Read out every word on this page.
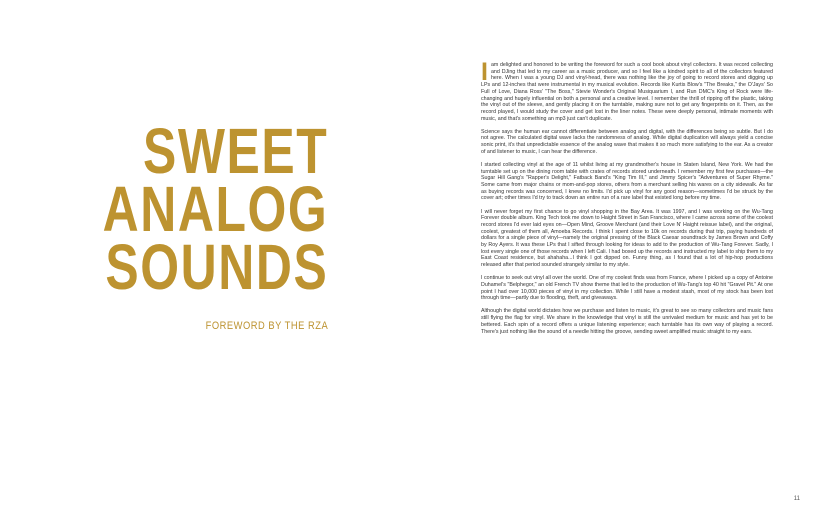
SWEET
ANALOG
SOUNDS
FOREWORD BY THE RZA

Iam delighted and honored to be writing the foreword for such a cool book about vinyl collectors. It was record collecting and DJing that led to my career as a music producer, and so I feel like a kindred spirit to all of the collectors featured here. When I was a young DJ and vinyl-head, there was nothing like the joy of going to record stores and digging up LPs and 12-inches that were instrumental in my musical evolution. Records like Kurtis Blow's "The Breaks," the O'Jays' So Full of Love, Diana Ross' "The Boss," Stevie Wonder's Original Musiquarium I, and Run DMC's King of Rock were life-changing and hugely influential on both a personal and a creative level. I remember the thrill of ripping off the plastic, taking the vinyl out of the sleeve, and gently placing it on the turntable, making sure not to get any fingerprints on it. Then, as the record played, I would study the cover and get lost in the liner notes. These were deeply personal, intimate moments with music, and that's something an mp3 just can't duplicate.

Science says the human ear cannot differentiate between analog and digital, with the differences being so subtle. But I do not agree. The calculated digital wave lacks the randomness of analog. While digital duplication will always yield a concise sonic print, it's that unpredictable essence of the analog wave that makes it so much more satisfying to the ear. As a creator of and listener to music, I can hear the difference.

I started collecting vinyl at the age of 11 whilst living at my grandmother's house in Staten Island, New York. We had the turntable set up on the dining room table with crates of records stored underneath. I remember my first few purchases—the Sugar Hill Gang's "Rapper's Delight," Fatback Band's "King Tim III," and Jimmy Spicer's "Adventures of Super Rhyme." Some came from major chains or mom-and-pop stores, others from a merchant selling his wares on a city sidewalk. As far as buying records was concerned, I knew no limits. I'd pick up vinyl for any good reason—sometimes I'd be struck by the cover art; other times I'd try to track down an entire run of a rare label that existed long before my time.

I will never forget my first chance to go vinyl shopping in the Bay Area. It was 1997, and I was working on the Wu-Tang Forever double album. King Tech took me down to Haight Street in San Francisco, where I came across some of the coolest record stores I'd ever laid eyes on—Open Mind, Groove Merchant (and their Love N' Haight reissue label), and the original, coolest, greatest of them all, Amoeba Records. I think I spent close to 10k on records during that trip, paying hundreds of dollars for a single piece of vinyl—namely the original pressing of the Black Caesar soundtrack by James Brown and Coffy by Roy Ayers. It was these LPs that I sifted through looking for ideas to add to the production of Wu-Tang Forever. Sadly, I lost every single one of those records when I left Cali. I had boxed up the records and instructed my label to ship them to my East Coast residence, but ahahaha...I think I got dipped on. Funny thing, as I found that a lot of hip-hop productions released after that period sounded strangely similar to my style.

I continue to seek out vinyl all over the world. One of my coolest finds was from France, where I picked up a copy of Antoine Duhamel's "Belphegor," an old French TV show theme that led to the production of Wu-Tang's top 40 hit "Gravel Pit." At one point I had over 10,000 pieces of vinyl in my collection. While I still have a modest stash, most of my stock has been lost through time—partly due to flooding, theft, and giveaways.

Although the digital world dictates how we purchase and listen to music, it's great to see so many collectors and music fans still flying the flag for vinyl. We share in the knowledge that vinyl is still the unrivaled medium for music and has yet to be bettered. Each spin of a record offers a unique listening experience; each turntable has its own way of playing a record. There's just nothing like the sound of a needle hitting the groove, sending sweet amplified music straight to my ears.

11
